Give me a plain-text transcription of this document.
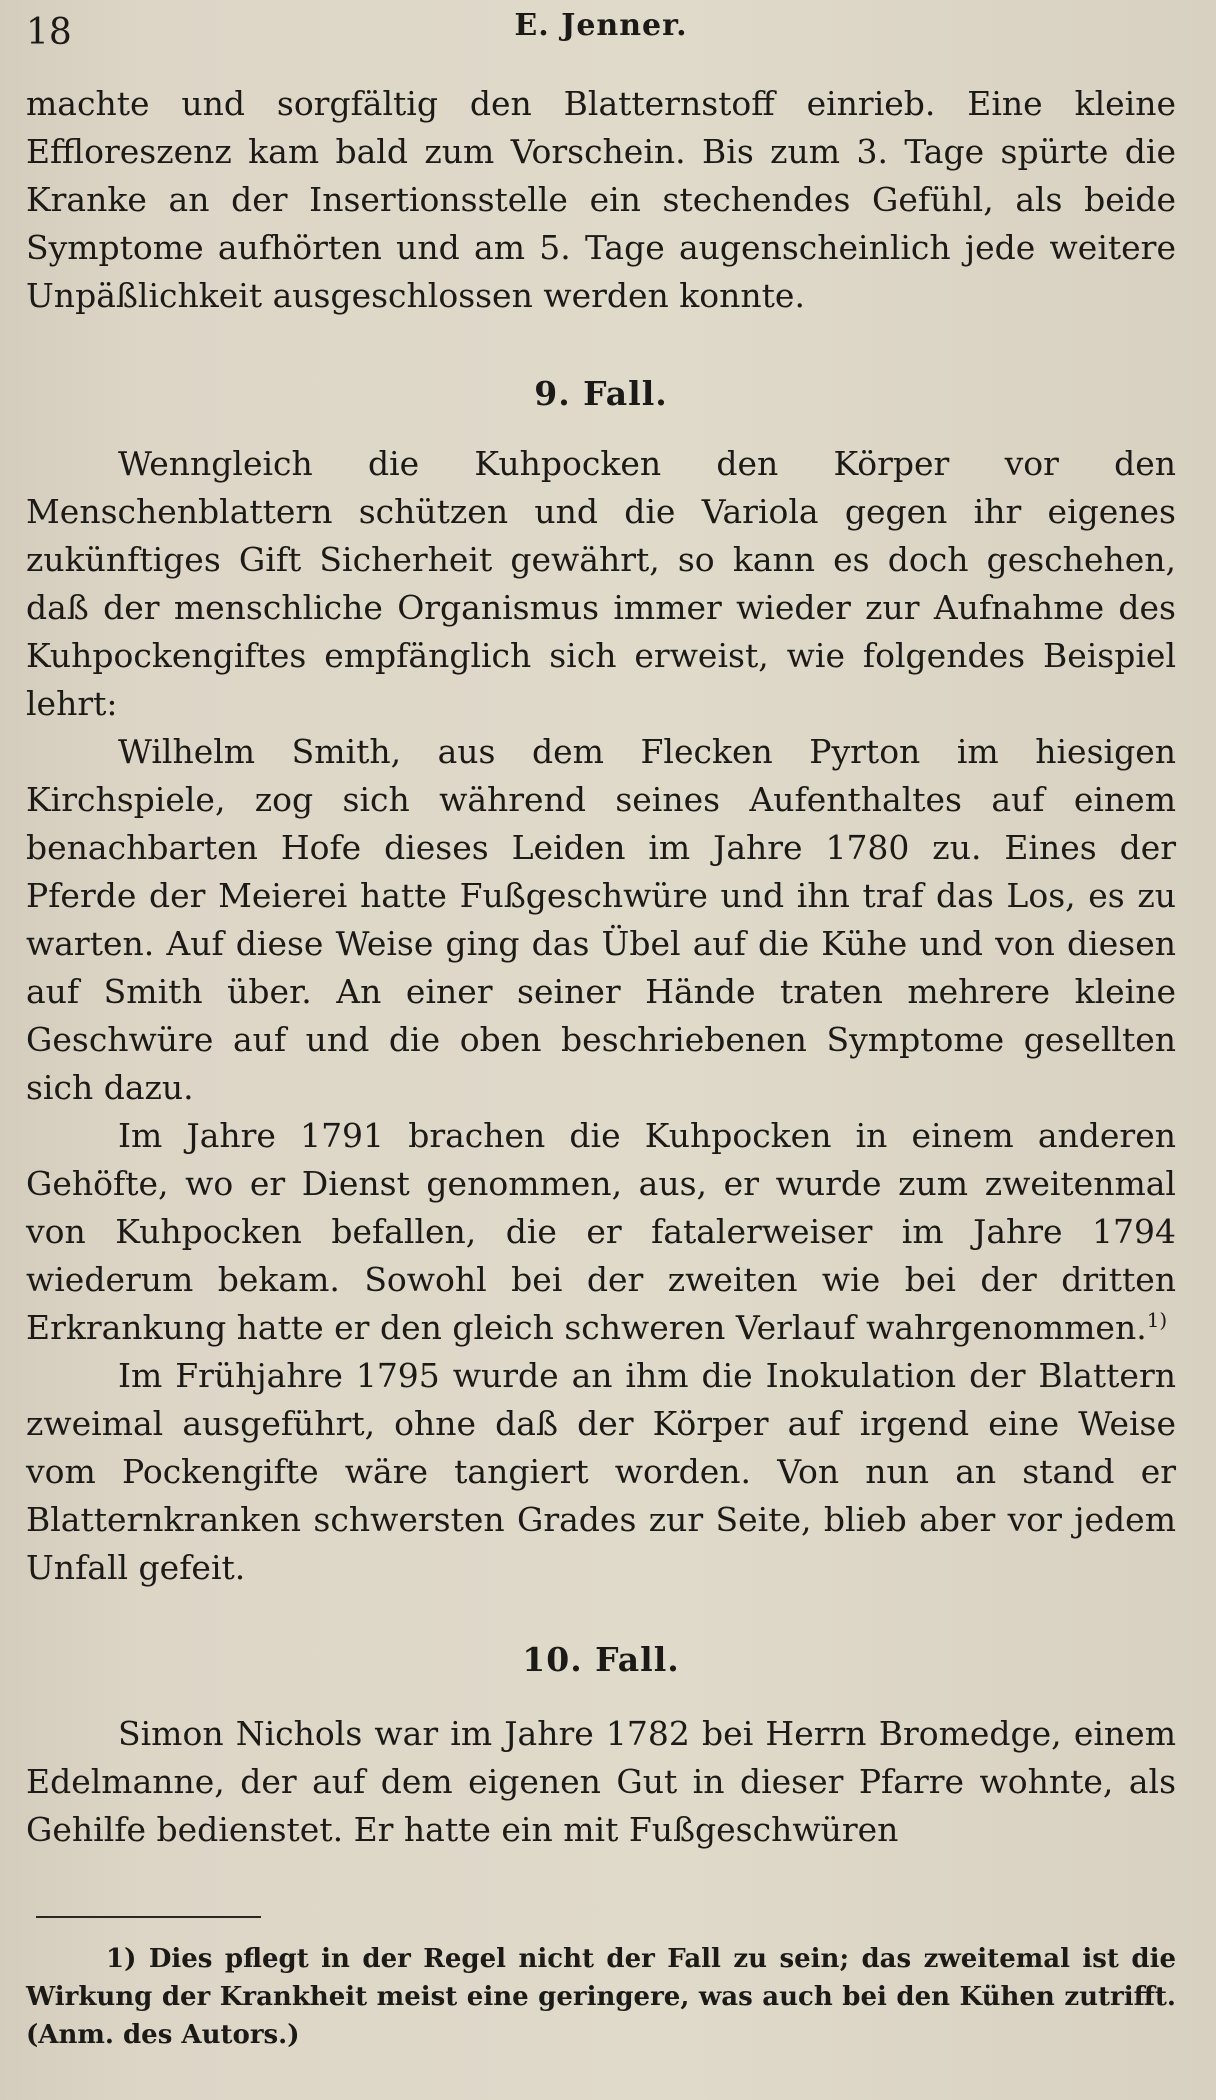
18	E. Jenner.

machte und sorgfältig den Blatternstoff einrieb. Eine kleine Effloreszenz kam bald zum Vorschein. Bis zum 3. Tage spürte die Kranke an der Insertionsstelle ein stechendes Gefühl, als beide Symptome aufhörten und am 5. Tage augenscheinlich jede weitere Unpäßlichkeit ausgeschlossen werden konnte.

9. Fall.

Wenngleich die Kuhpocken den Körper vor den Menschenblattern schützen und die Variola gegen ihr eigenes zukünftiges Gift Sicherheit gewährt, so kann es doch geschehen, daß der menschliche Organismus immer wieder zur Aufnahme des Kuhpockengiftes empfänglich sich erweist, wie folgendes Beispiel lehrt:

Wilhelm Smith, aus dem Flecken Pyrton im hiesigen Kirchspiele, zog sich während seines Aufenthaltes auf einem benachbarten Hofe dieses Leiden im Jahre 1780 zu. Eines der Pferde der Meierei hatte Fußgeschwüre und ihn traf das Los, es zu warten. Auf diese Weise ging das Übel auf die Kühe und von diesen auf Smith über. An einer seiner Hände traten mehrere kleine Geschwüre auf und die oben beschriebenen Symptome gesellten sich dazu.

Im Jahre 1791 brachen die Kuhpocken in einem anderen Gehöfte, wo er Dienst genommen, aus, er wurde zum zweitenmal von Kuhpocken befallen, die er fatalerweiser im Jahre 1794 wiederum bekam. Sowohl bei der zweiten wie bei der dritten Erkrankung hatte er den gleich schweren Verlauf wahrgenommen.$^{1)}$

Im Frühjahre 1795 wurde an ihm die Inokulation der Blattern zweimal ausgeführt, ohne daß der Körper auf irgend eine Weise vom Pockengifte wäre tangiert worden. Von nun an stand er Blatternkranken schwersten Grades zur Seite, blieb aber vor jedem Unfall gefeit.

10. Fall.

Simon Nichols war im Jahre 1782 bei Herrn Bromedge, einem Edelmanne, der auf dem eigenen Gut in dieser Pfarre wohnte, als Gehilfe bedienstet. Er hatte ein mit Fußgeschwüren

1) Dies pflegt in der Regel nicht der Fall zu sein; das zweitemal ist die Wirkung der Krankheit meist eine geringere, was auch bei den Kühen zutrifft. (Anm. des Autors.)
